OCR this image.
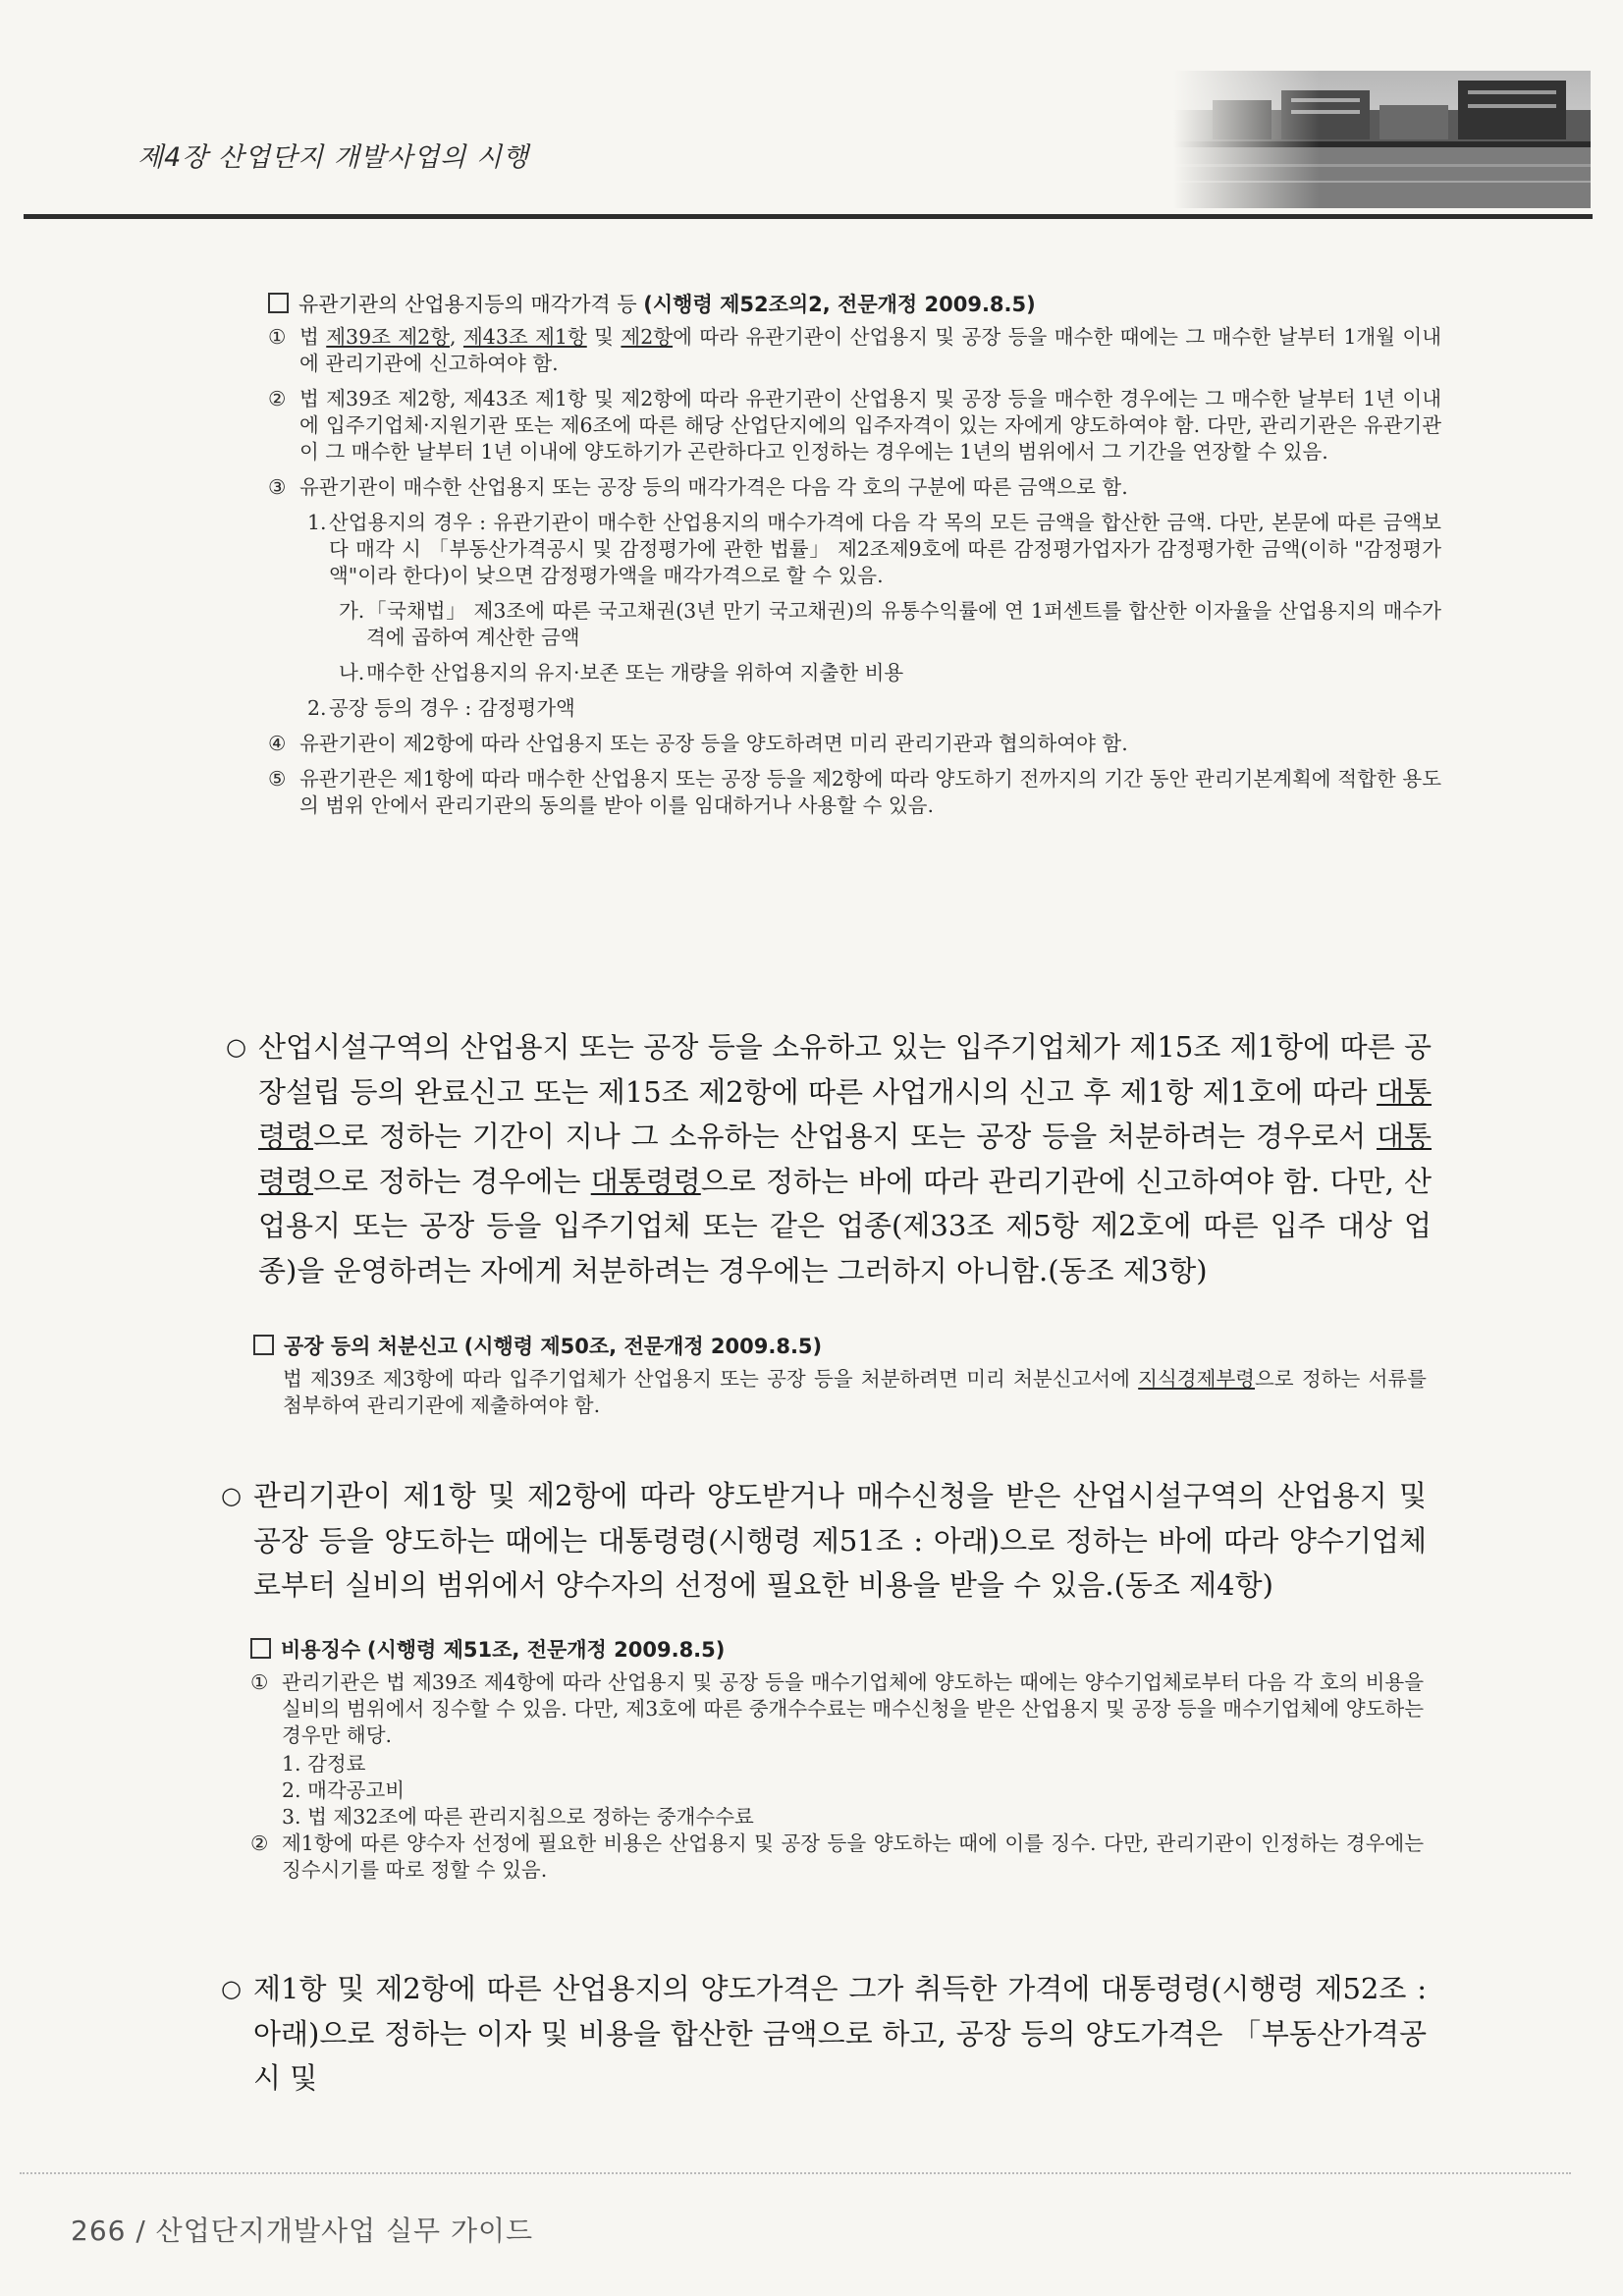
제4장 산업단지 개발사업의 시행
유관기관의 산업용지등의 매각가격 등 (시행령 제52조의2, 전문개정 2009.8.5)
① 법 제39조 제2항, 제43조 제1항 및 제2항에 따라 유관기관이 산업용지 및 공장 등을 매수한 때에는 그 매수한 날부터 1개월 이내에 관리기관에 신고하여야 함.
② 법 제39조 제2항, 제43조 제1항 및 제2항에 따라 유관기관이 산업용지 및 공장 등을 매수한 경우에는 그 매수한 날부터 1년 이내에 입주기업체·지원기관 또는 제6조에 따른 해당 산업단지에의 입주자격이 있는 자에게 양도하여야 함. 다만, 관리기관은 유관기관이 그 매수한 날부터 1년 이내에 양도하기가 곤란하다고 인정하는 경우에는 1년의 범위에서 그 기간을 연장할 수 있음.
③ 유관기관이 매수한 산업용지 또는 공장 등의 매각가격은 다음 각 호의 구분에 따른 금액으로 함.
1. 산업용지의 경우 : 유관기관이 매수한 산업용지의 매수가격에 다음 각 목의 모든 금액을 합산한 금액. 다만, 본문에 따른 금액보다 매각 시 「부동산가격공시 및 감정평가에 관한 법률」 제2조제9호에 따른 감정평가업자가 감정평가한 금액(이하 "감정평가액"이라 한다)이 낮으면 감정평가액을 매각가격으로 할 수 있음.
가. 「국채법」 제3조에 따른 국고채권(3년 만기 국고채권)의 유통수익률에 연 1퍼센트를 합산한 이자율을 산업용지의 매수가격에 곱하여 계산한 금액
나. 매수한 산업용지의 유지·보존 또는 개량을 위하여 지출한 비용
2. 공장 등의 경우 : 감정평가액
④ 유관기관이 제2항에 따라 산업용지 또는 공장 등을 양도하려면 미리 관리기관과 협의하여야 함.
⑤ 유관기관은 제1항에 따라 매수한 산업용지 또는 공장 등을 제2항에 따라 양도하기 전까지의 기간 동안 관리기본계획에 적합한 용도의 범위 안에서 관리기관의 동의를 받아 이를 임대하거나 사용할 수 있음.
○ 산업시설구역의 산업용지 또는 공장 등을 소유하고 있는 입주기업체가 제15조 제1항에 따른 공장설립 등의 완료신고 또는 제15조 제2항에 따른 사업개시의 신고 후 제1항 제1호에 따라 대통령령으로 정하는 기간이 지나 그 소유하는 산업용지 또는 공장 등을 처분하려는 경우로서 대통령령으로 정하는 경우에는 대통령령으로 정하는 바에 따라 관리기관에 신고하여야 함. 다만, 산업용지 또는 공장 등을 입주기업체 또는 같은 업종(제33조 제5항 제2호에 따른 입주 대상 업종)을 운영하려는 자에게 처분하려는 경우에는 그러하지 아니함.(동조 제3항)
공장 등의 처분신고 (시행령 제50조, 전문개정 2009.8.5)
법 제39조 제3항에 따라 입주기업체가 산업용지 또는 공장 등을 처분하려면 미리 처분신고서에 지식경제부령으로 정하는 서류를 첨부하여 관리기관에 제출하여야 함.
○ 관리기관이 제1항 및 제2항에 따라 양도받거나 매수신청을 받은 산업시설구역의 산업용지 및 공장 등을 양도하는 때에는 대통령령(시행령 제51조 : 아래)으로 정하는 바에 따라 양수기업체로부터 실비의 범위에서 양수자의 선정에 필요한 비용을 받을 수 있음.(동조 제4항)
비용징수 (시행령 제51조, 전문개정 2009.8.5)
① 관리기관은 법 제39조 제4항에 따라 산업용지 및 공장 등을 매수기업체에 양도하는 때에는 양수기업체로부터 다음 각 호의 비용을 실비의 범위에서 징수할 수 있음. 다만, 제3호에 따른 중개수수료는 매수신청을 받은 산업용지 및 공장 등을 매수기업체에 양도하는 경우만 해당.
1. 감정료
2. 매각공고비
3. 법 제32조에 따른 관리지침으로 정하는 중개수수료
② 제1항에 따른 양수자 선정에 필요한 비용은 산업용지 및 공장 등을 양도하는 때에 이를 징수. 다만, 관리기관이 인정하는 경우에는 징수시기를 따로 정할 수 있음.
○ 제1항 및 제2항에 따른 산업용지의 양도가격은 그가 취득한 가격에 대통령령(시행령 제52조 : 아래)으로 정하는 이자 및 비용을 합산한 금액으로 하고, 공장 등의 양도가격은 「부동산가격공시 및
266 / 산업단지개발사업 실무 가이드
